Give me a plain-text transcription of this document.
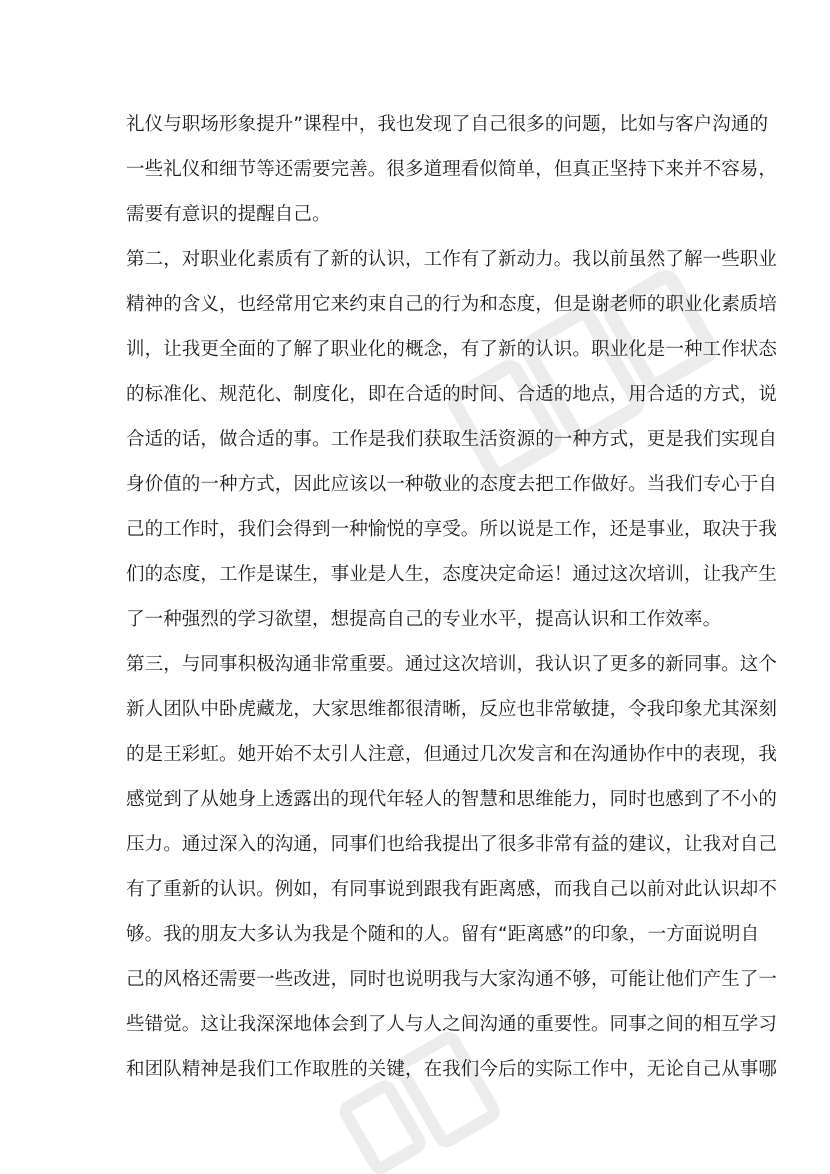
礼仪与职场形象提升”课程中，我也发现了自己很多的问题，比如与客户沟通的
一些礼仪和细节等还需要完善。很多道理看似简单，但真正坚持下来并不容易，
需要有意识的提醒自己。
第二，对职业化素质有了新的认识，工作有了新动力。我以前虽然了解一些职业
精神的含义，也经常用它来约束自己的行为和态度，但是谢老师的职业化素质培
训，让我更全面的了解了职业化的概念，有了新的认识。职业化是一种工作状态
的标准化、规范化、制度化，即在合适的时间、合适的地点，用合适的方式，说
合适的话，做合适的事。工作是我们获取生活资源的一种方式，更是我们实现自
身价值的一种方式，因此应该以一种敬业的态度去把工作做好。当我们专心于自
己的工作时，我们会得到一种愉悦的享受。所以说是工作，还是事业，取决于我
们的态度，工作是谋生，事业是人生，态度决定命运！通过这次培训，让我产生
了一种强烈的学习欲望，想提高自己的专业水平，提高认识和工作效率。
第三，与同事积极沟通非常重要。通过这次培训，我认识了更多的新同事。这个
新人团队中卧虎藏龙，大家思维都很清晰，反应也非常敏捷，令我印象尤其深刻
的是王彩虹。她开始不太引人注意，但通过几次发言和在沟通协作中的表现，我
感觉到了从她身上透露出的现代年轻人的智慧和思维能力，同时也感到了不小的
压力。通过深入的沟通，同事们也给我提出了很多非常有益的建议，让我对自己
有了重新的认识。例如，有同事说到跟我有距离感，而我自己以前对此认识却不
够。我的朋友大多认为我是个随和的人。留有“距离感”的印象，一方面说明自
己的风格还需要一些改进，同时也说明我与大家沟通不够，可能让他们产生了一
些错觉。这让我深深地体会到了人与人之间沟通的重要性。同事之间的相互学习
和团队精神是我们工作取胜的关键，在我们今后的实际工作中，无论自己从事哪
